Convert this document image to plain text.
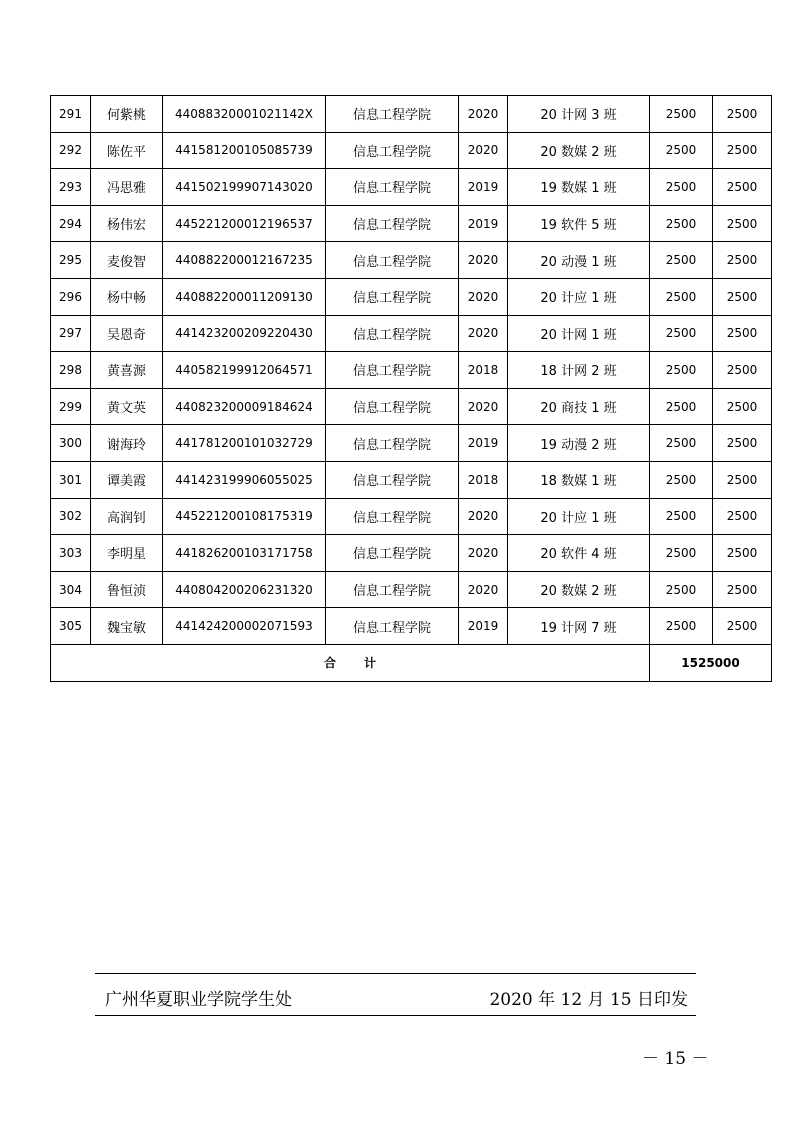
291	何紫桃	44088320001021142X	信息工程学院	2020	20 计网 3 班	2500	2500
292	陈佐平	441581200105085739	信息工程学院	2020	20 数媒 2 班	2500	2500
293	冯思雅	441502199907143020	信息工程学院	2019	19 数媒 1 班	2500	2500
294	杨伟宏	445221200012196537	信息工程学院	2019	19 软件 5 班	2500	2500
295	麦俊智	440882200012167235	信息工程学院	2020	20 动漫 1 班	2500	2500
296	杨中畅	440882200011209130	信息工程学院	2020	20 计应 1 班	2500	2500
297	吴恩奇	441423200209220430	信息工程学院	2020	20 计网 1 班	2500	2500
298	黄喜源	440582199912064571	信息工程学院	2018	18 计网 2 班	2500	2500
299	黄文英	440823200009184624	信息工程学院	2020	20 商技 1 班	2500	2500
300	谢海玲	441781200101032729	信息工程学院	2019	19 动漫 2 班	2500	2500
301	谭美霞	441423199906055025	信息工程学院	2018	18 数媒 1 班	2500	2500
302	高润钊	445221200108175319	信息工程学院	2020	20 计应 1 班	2500	2500
303	李明星	441826200103171758	信息工程学院	2020	20 软件 4 班	2500	2500
304	鲁恒浈	440804200206231320	信息工程学院	2020	20 数媒 2 班	2500	2500
305	魏宝敏	441424200002071593	信息工程学院	2019	19 计网 7 班	2500	2500
合计						1525000	
广州华夏职业学院学生处	2020 年 12 月 15 日印发
－ 15 －
